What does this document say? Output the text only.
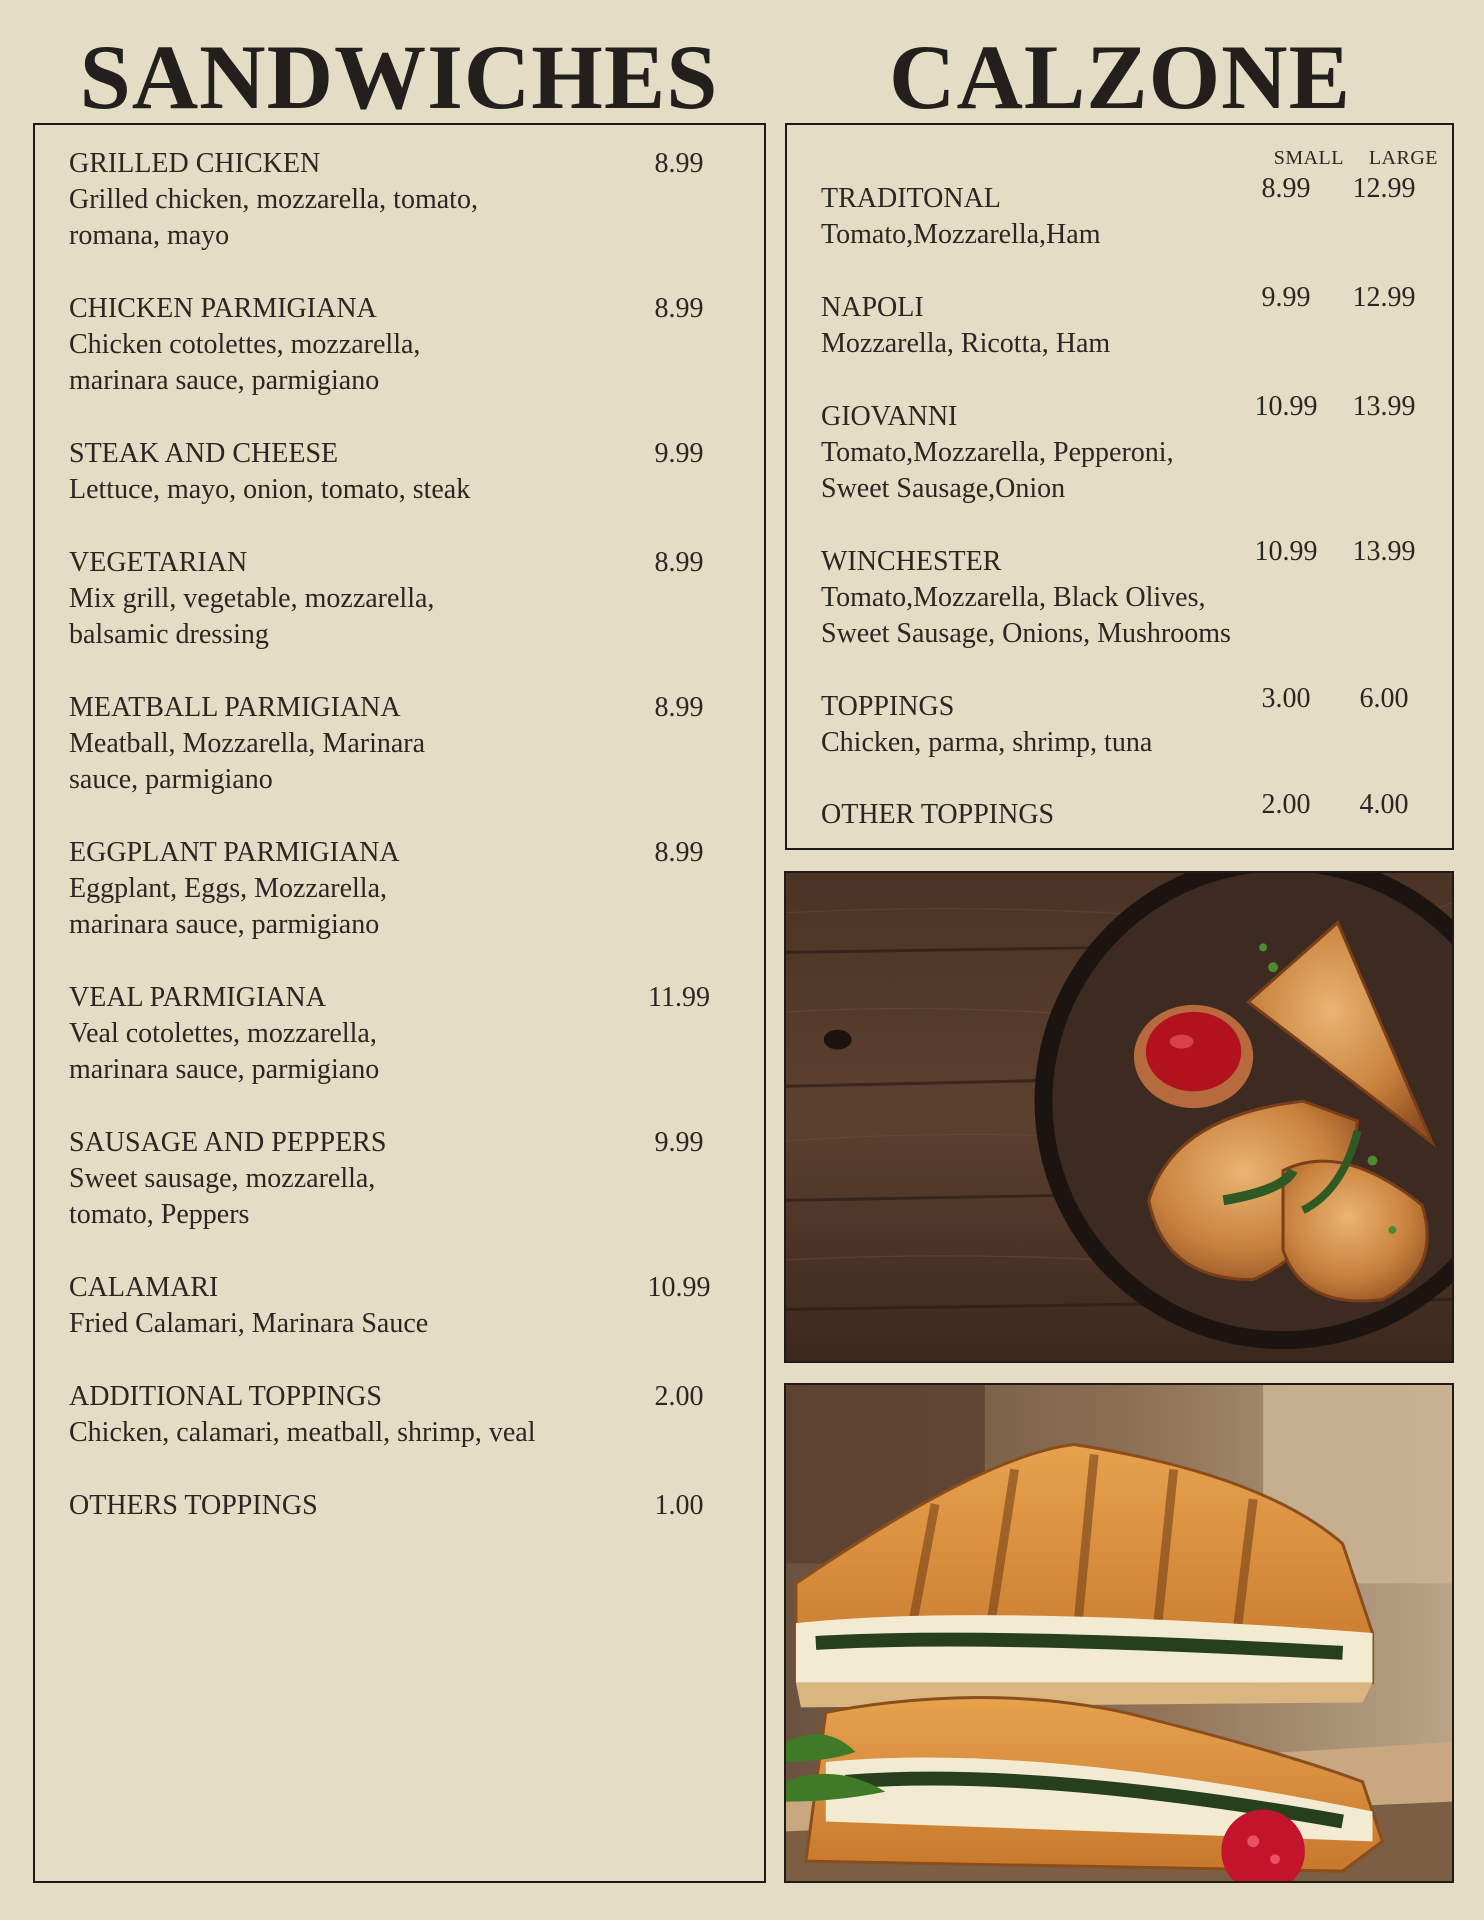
SANDWICHES	CALZONE
GRILLED CHICKEN
Grilled chicken, mozzarella, tomato,
romana, mayo
8.99
CHICKEN PARMIGIANA
Chicken cotolettes, mozzarella,
marinara sauce, parmigiano
8.99
STEAK AND CHEESE
Lettuce, mayo, onion, tomato, steak
9.99
VEGETARIAN
Mix grill, vegetable, mozzarella,
balsamic dressing
8.99
MEATBALL PARMIGIANA
Meatball, Mozzarella, Marinara
sauce, parmigiano
8.99
EGGPLANT PARMIGIANA
Eggplant, Eggs, Mozzarella,
marinara sauce, parmigiano
8.99
VEAL PARMIGIANA
Veal cotolettes, mozzarella,
marinara sauce, parmigiano
11.99
SAUSAGE AND PEPPERS
Sweet sausage, mozzarella,
tomato, Peppers
9.99
CALAMARI
Fried Calamari, Marinara Sauce
10.99
ADDITIONAL TOPPINGS
Chicken, calamari, meatball, shrimp, veal
2.00
OTHERS TOPPINGS	1.00
SMALL LARGE
TRADITONAL
Tomato,Mozzarella,Ham
8.99	12.99
NAPOLI
Mozzarella, Ricotta, Ham
9.99	12.99
GIOVANNI
Tomato,Mozzarella, Pepperoni,
Sweet Sausage,Onion
10.99	13.99
WINCHESTER
Tomato,Mozzarella, Black Olives,
Sweet Sausage, Onions, Mushrooms
10.99	13.99
TOPPINGS
Chicken, parma, shrimp, tuna
3.00	6.00
OTHER TOPPINGS	2.00	4.00
